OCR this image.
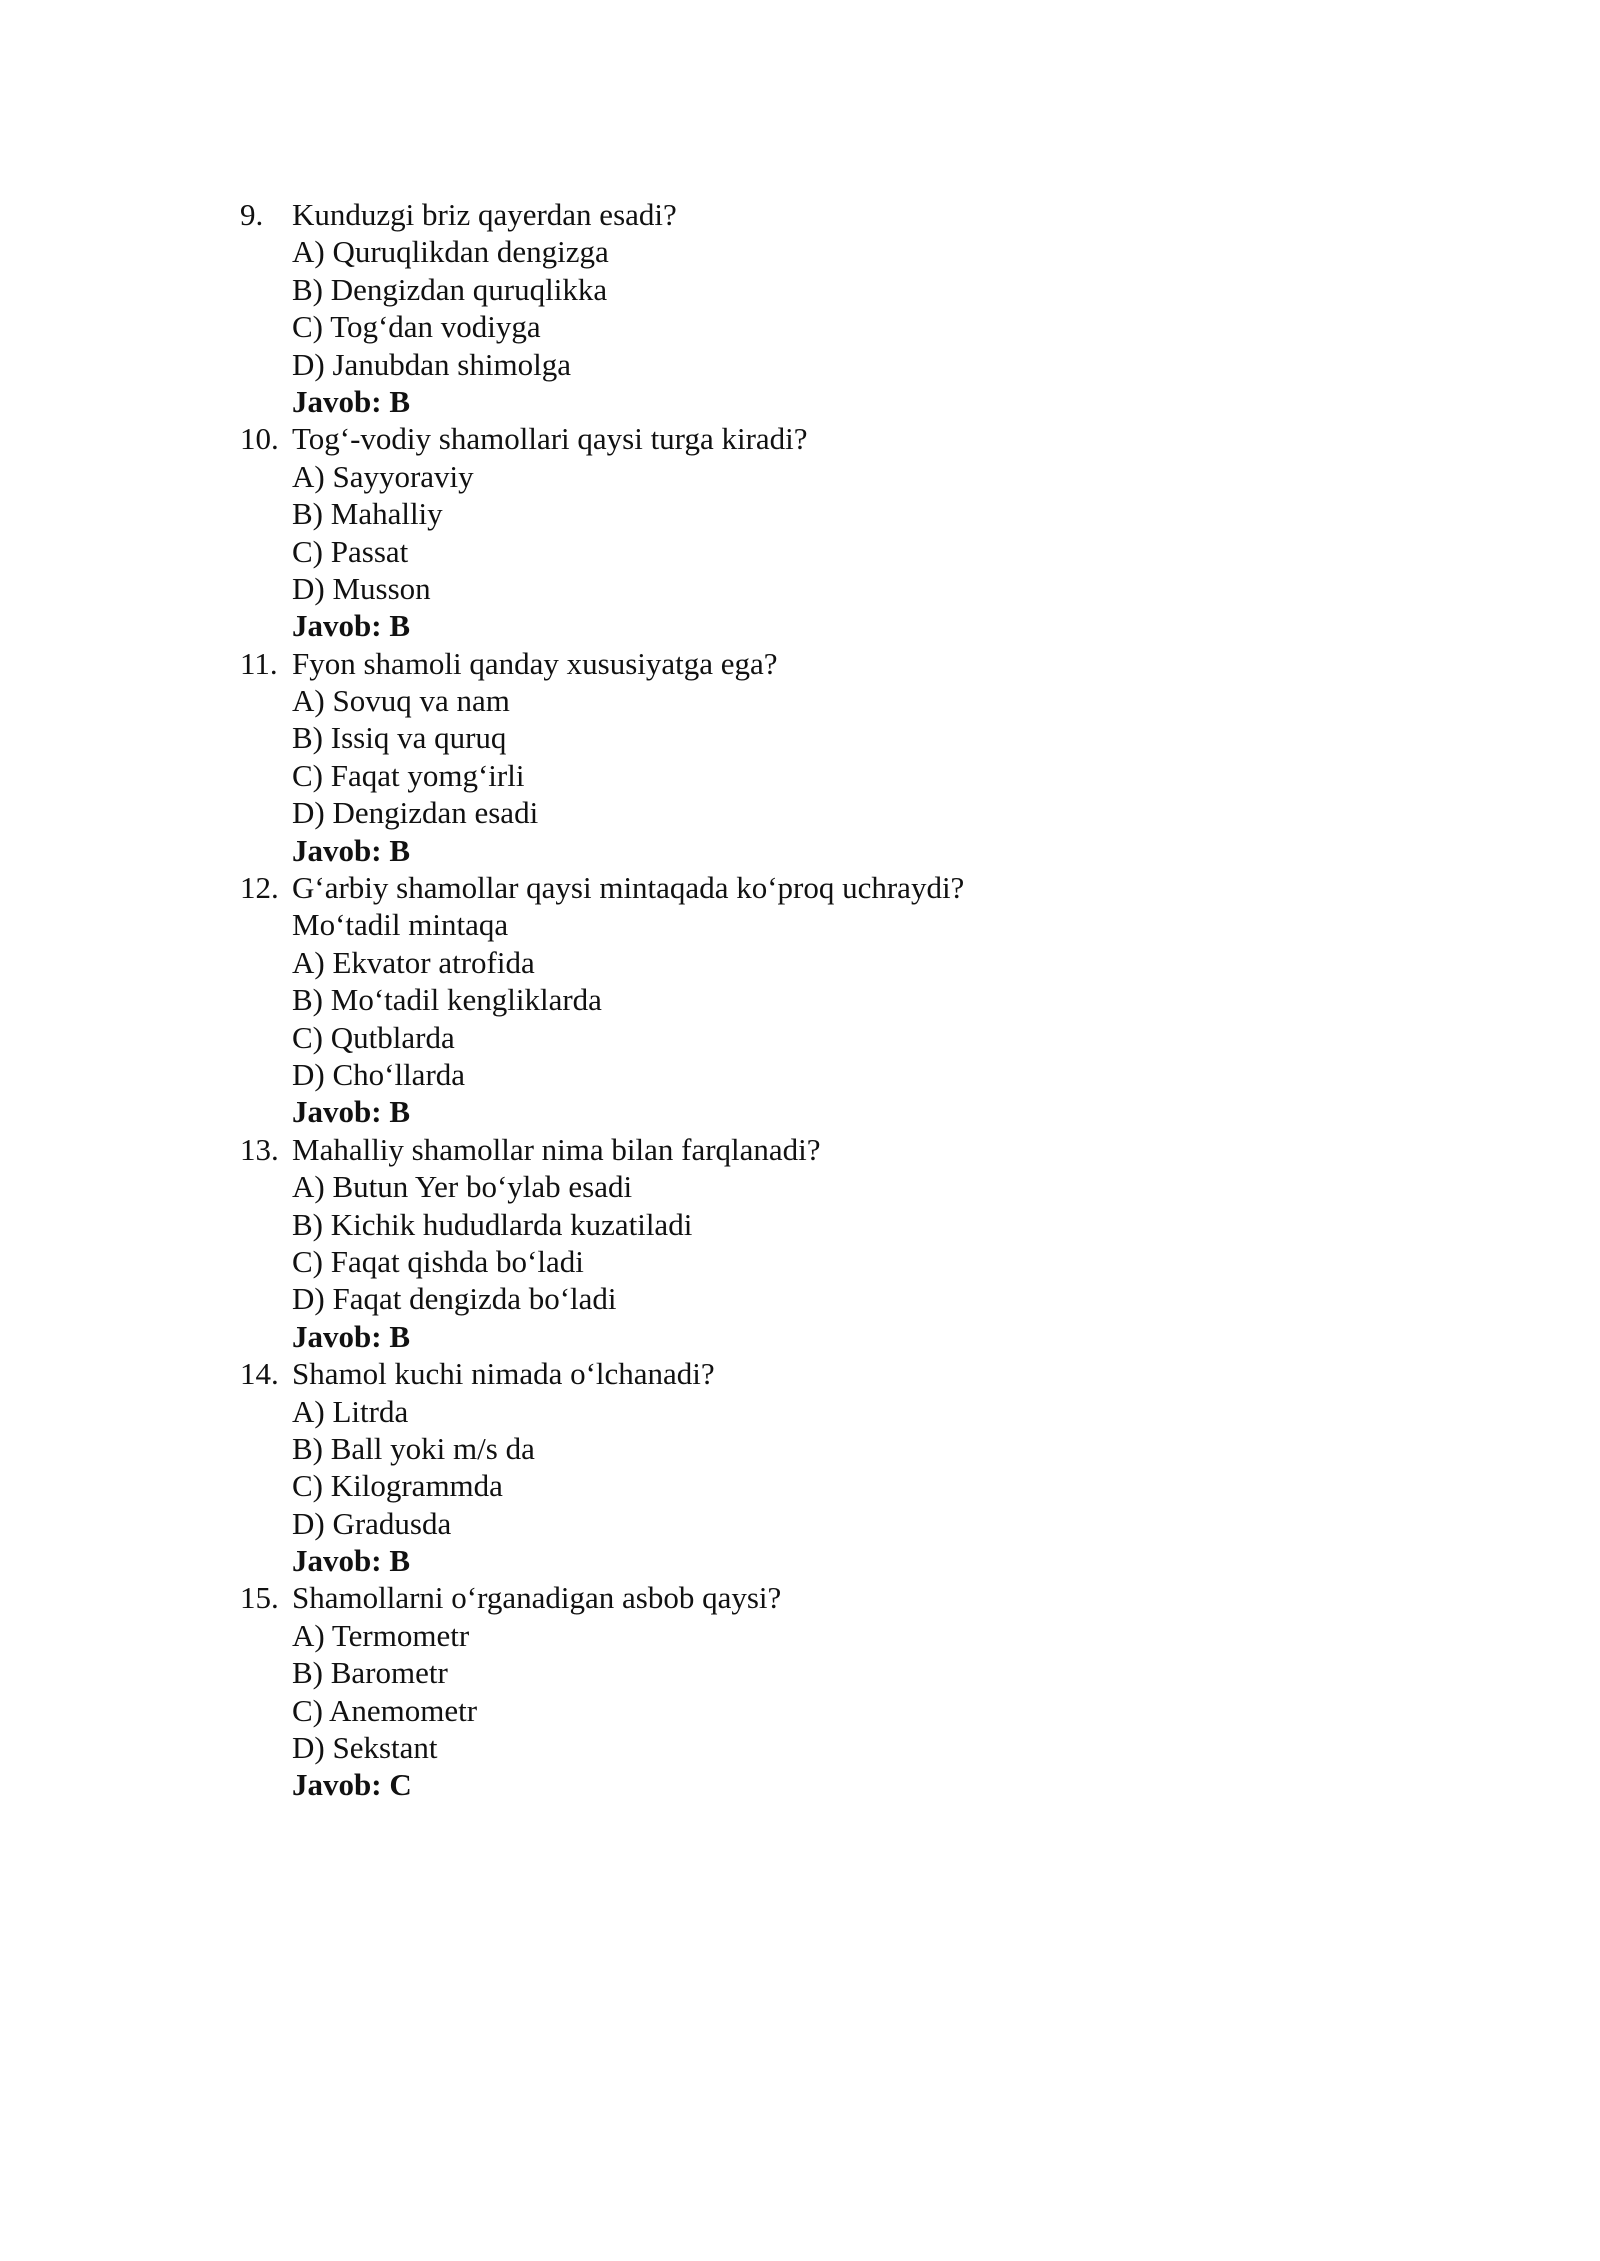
9. Kunduzgi briz qayerdan esadi?
A) Quruqlikdan dengizga
B) Dengizdan quruqlikka
C) Tog‘dan vodiyga
D) Janubdan shimolga
Javob: B
10. Tog‘-vodiy shamollari qaysi turga kiradi?
A) Sayyoraviy
B) Mahalliy
C) Passat
D) Musson
Javob: B
11. Fyon shamoli qanday xususiyatga ega?
A) Sovuq va nam
B) Issiq va quruq
C) Faqat yomg‘irli
D) Dengizdan esadi
Javob: B
12. G‘arbiy shamollar qaysi mintaqada ko‘proq uchraydi?
Mo‘tadil mintaqa
A) Ekvator atrofida
B) Mo‘tadil kengliklarda
C) Qutblarda
D) Cho‘llarda
Javob: B
13. Mahalliy shamollar nima bilan farqlanadi?
A) Butun Yer bo‘ylab esadi
B) Kichik hududlarda kuzatiladi
C) Faqat qishda bo‘ladi
D) Faqat dengizda bo‘ladi
Javob: B
14. Shamol kuchi nimada o‘lchanadi?
A) Litrda
B) Ball yoki m/s da
C) Kilogrammda
D) Gradusda
Javob: B
15. Shamollarni o‘rganadigan asbob qaysi?
A) Termometr
B) Barometr
C) Anemometr
D) Sekstant
Javob: C
